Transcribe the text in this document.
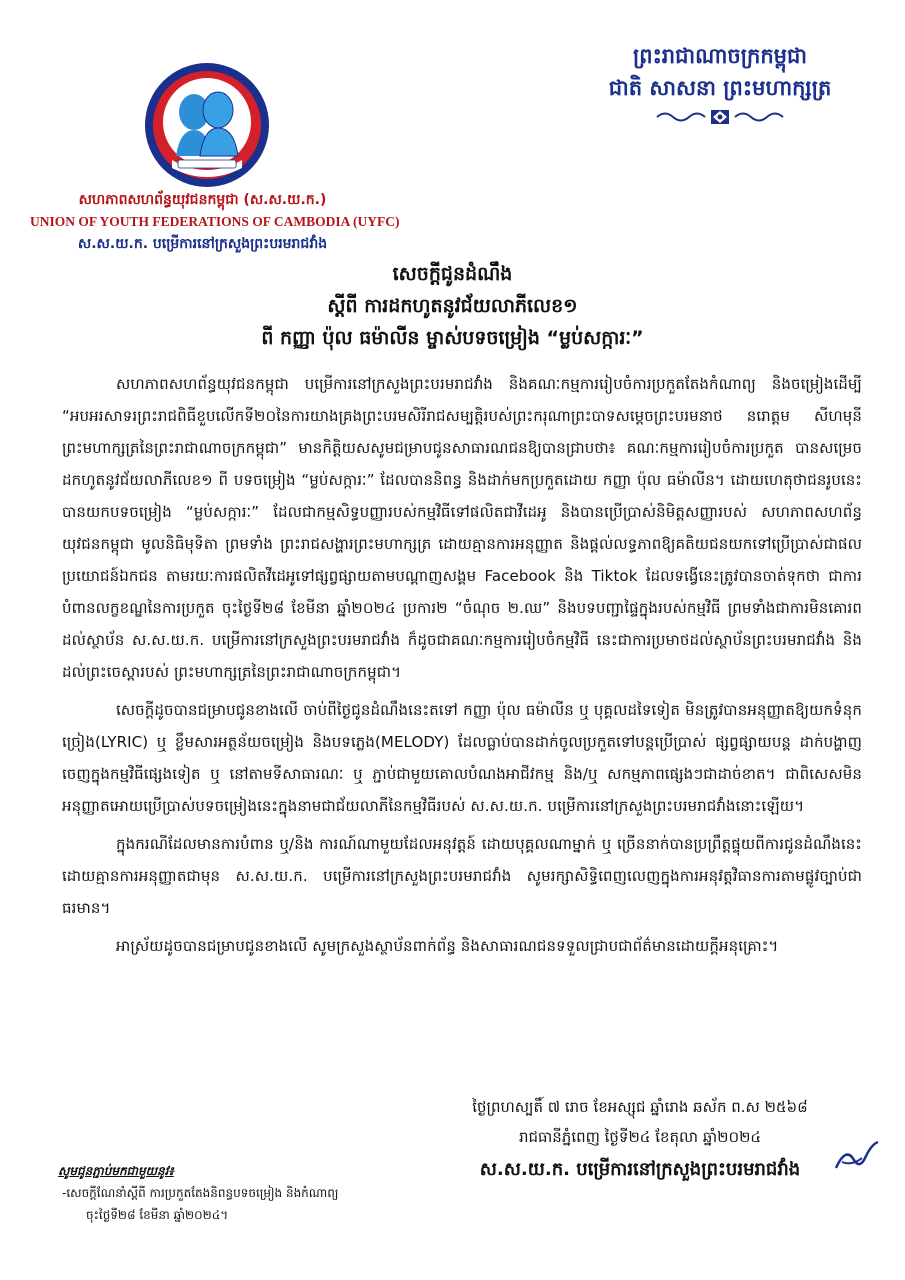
សហភាពសហព័ន្ធយុវជនកម្ពុជា (ស.ស.យ.ក.)
UNION OF YOUTH FEDERATIONS OF CAMBODIA (UYFC)
ស.ស.យ.ក. បម្រើការនៅក្រសួងព្រះបរមរាជវាំង
ព្រះរាជាណាចក្រកម្ពុជា
ជាតិ សាសនា ព្រះមហាក្សត្រ
សេចក្តីជូនដំណឹង
ស្តីពី ការដកហូតនូវជ័យលាភីលេខ១
ពី កញ្ញា ប៉ុល ធម៉ាលីន ម្ចាស់បទចម្រៀង “ម្លប់សក្ការៈ”

សហភាពសហព័ន្ធយុវជនកម្ពុជា បម្រើការនៅក្រសួងព្រះបរមរាជវាំង និងគណៈកម្មការរៀបចំការប្រកួតតែងកំណាព្យ និងចម្រៀងដើម្បី “អបអរសាទរព្រះរាជពិធីខួបលើកទី២០នៃការយាងគ្រងព្រះបរមសិរីរាជសម្បត្តិរបស់ព្រះករុណាព្រះបាទសម្តេចព្រះបរមនាថ នរោត្តម សីហមុនី ព្រះមហាក្សត្រនៃព្រះរាជាណាចក្រកម្ពុជា” មានកិត្តិយសសូមជម្រាបជូនសាធារណជនឱ្យបានជ្រាបថា៖ គណៈកម្មការរៀបចំការប្រកួត បានសម្រេចដកហូតនូវជ័យលាភីលេខ១ ពី បទចម្រៀង “ម្លប់សក្ការៈ” ដែលបាននិពន្ធ និងដាក់មកប្រកួតដោយ កញ្ញា ប៉ុល ធម៉ាលីន។ ដោយហេតុថាជនរូបនេះបានយកបទចម្រៀង “ម្លប់សក្ការៈ” ដែលជាកម្មសិទ្ធបញ្ញារបស់កម្មវិធីទៅផលិតជាវីដេអូ និងបានប្រើប្រាស់និមិត្តសញ្ញារបស់ សហភាពសហព័ន្ធយុវជនកម្ពុជា មូលនិធិមុទិតា ព្រមទាំង ព្រះរាជសង្ហារព្រះមហាក្សត្រ ដោយគ្មានការអនុញ្ញាត និងផ្តល់លទ្ធភាពឱ្យគតិយជនយកទៅប្រើប្រាស់ជាផលប្រយោជន៍ឯកជន តាមរយៈការផលិតវីដេអូទៅផ្សព្វផ្សាយតាមបណ្តាញសង្គម Facebook និង Tiktok ដែលទង្វើនេះត្រូវបានចាត់ទុកថា ជាការបំពានលក្ខខណ្ឌនៃការប្រកួត ចុះថ្ងៃទី២៨ ខែមីនា ឆ្នាំ២០២៤ ប្រការ២ “ចំណុច ២.ឈ” និងបទបញ្ជាផ្ទៃក្នុងរបស់កម្មវិធី ព្រមទាំងជាការមិនគោរពដល់ស្ថាប័ន ស.ស.យ.ក. បម្រើការនៅក្រសួងព្រះបរមរាជវាំង ក៏ដូចជាគណៈកម្មការរៀបចំកម្មវិធី នេះជាការប្រមាថដល់ស្ថាប័នព្រះបរមរាជវាំង និង ដល់ព្រះចេស្តារបស់ ព្រះមហាក្សត្រនៃព្រះរាជាណាចក្រកម្ពុជា។

សេចក្តីដូចបានជម្រាបជូនខាងលើ ចាប់ពីថ្ងៃជូនដំណឹងនេះតទៅ កញ្ញា ប៉ុល ធម៉ាលីន ឬ បុគ្គលដទៃទៀត មិនត្រូវបានអនុញ្ញាតឱ្យយកទំនុកច្រៀង(LYRIC) ឬ ខ្លឹមសារអត្ថន័យចម្រៀង និងបទភ្លេង(MELODY) ដែលធ្លាប់បានដាក់ចូលប្រកួតទៅបន្តប្រើប្រាស់ ផ្សព្វផ្សាយបន្ត ដាក់បង្ហាញចេញក្នុងកម្មវិធីផ្សេងទៀត ឬ នៅតាមទីសាធារណៈ ឬ ភ្ជាប់ជាមួយគោលបំណងអាជីវកម្ម និង/ឬ សកម្មភាពផ្សេងៗជាដាច់ខាត។ ជាពិសេសមិនអនុញ្ញាតអោយប្រើប្រាស់បទចម្រៀងនេះក្នុងនាមជាជ័យលាភីនៃកម្មវិធីរបស់ ស.ស.យ.ក. បម្រើការនៅក្រសួងព្រះបរមរាជវាំងនោះឡើយ។

ក្នុងករណីដែលមានការបំពាន ឬ/និង ការណ៍ណាមួយដែលអនុវត្តន៍ ដោយបុគ្គលណាម្នាក់ ឬ ច្រើននាក់បានប្រព្រឹត្តផ្ទុយពីការជូនដំណឹងនេះដោយគ្មានការអនុញ្ញាតជាមុន ស.ស.យ.ក. បម្រើការនៅក្រសួងព្រះបរមរាជវាំង សូមរក្សាសិទ្ធិពេញលេញក្នុងការអនុវត្តវិធានការតាមផ្លូវច្បាប់ជាធរមាន។

អាស្រ័យដូចបានជម្រាបជូនខាងលើ សូមក្រសួងស្ថាប័នពាក់ព័ន្ធ និងសាធារណជនទទួលជ្រាបជាព័ត៌មានដោយក្តីអនុគ្រោះ។

ថ្ងៃព្រហស្បតិ៍ ៧ រោច ខែអស្សុជ ឆ្នាំរោង ឆស័ក ព.ស ២៥៦៨
រាជធានីភ្នំពេញ ថ្ងៃទី២៤ ខែតុលា ឆ្នាំ២០២៤
ស.ស.យ.ក. បម្រើការនៅក្រសួងព្រះបរមរាជវាំង
សូមជូនភ្ជាប់មកជាមួយនូវ៖
-សេចក្តីណែនាំស្តីពី ការប្រកួតតែងនិពន្ធបទចម្រៀង និងកំណាព្យ
ចុះថ្ងៃទី២៨ ខែមីនា ឆ្នាំ២០២៤។
